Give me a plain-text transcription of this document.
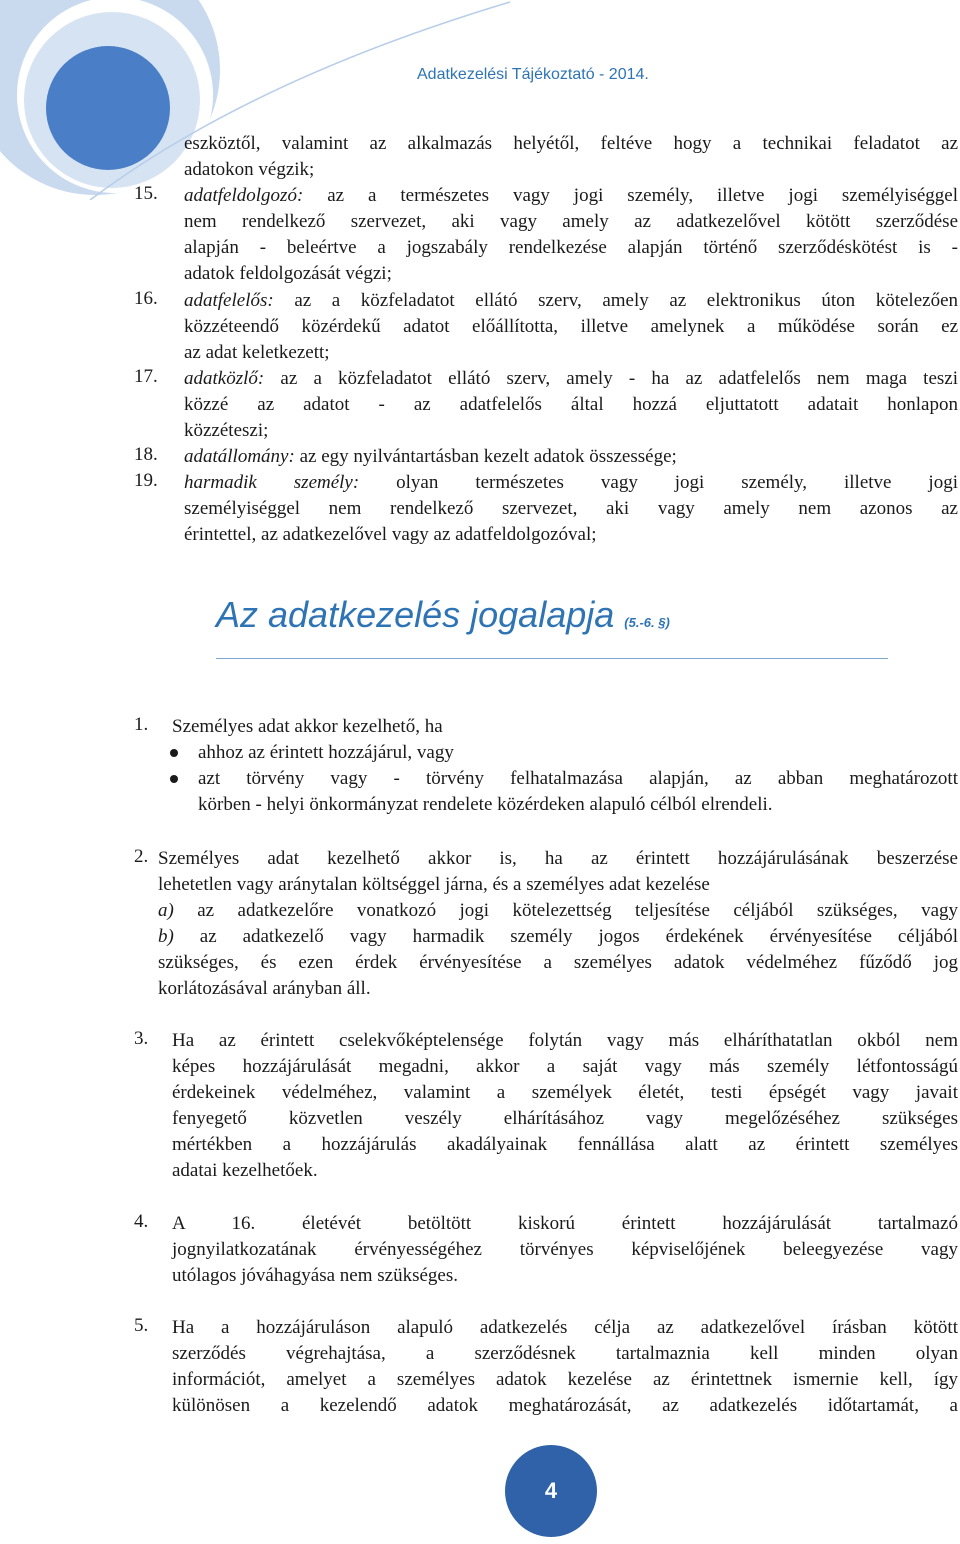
Adatkezelési Tájékoztató - 2014.
eszköztől, valamint az alkalmazás helyétől, feltéve hogy a technikai feladatot az
adatokon végzik;
15. adatfeldolgozó: az a természetes vagy jogi személy, illetve jogi személyiséggel
nem rendelkező szervezet, aki vagy amely az adatkezelővel kötött szerződése
alapján - beleértve a jogszabály rendelkezése alapján történő szerződéskötést is -
adatok feldolgozását végzi;
16. adatfelelős: az a közfeladatot ellátó szerv, amely az elektronikus úton kötelezően
közzéteendő közérdekű adatot előállította, illetve amelynek a működése során ez
az adat keletkezett;
17. adatközlő: az a közfeladatot ellátó szerv, amely - ha az adatfelelős nem maga teszi
közzé az adatot - az adatfelelős által hozzá eljuttatott adatait honlapon
közzéteszi;
18. adatállomány: az egy nyilvántartásban kezelt adatok összessége;
19. harmadik személy: olyan természetes vagy jogi személy, illetve jogi
személyiséggel nem rendelkező szervezet, aki vagy amely nem azonos az
érintettel, az adatkezelővel vagy az adatfeldolgozóval;
Az adatkezelés jogalapja (5.-6. §)
1. Személyes adat akkor kezelhető, ha
ahhoz az érintett hozzájárul, vagy
azt törvény vagy - törvény felhatalmazása alapján, az abban meghatározott
körben - helyi önkormányzat rendelete közérdeken alapuló célból elrendeli.
2. Személyes adat kezelhető akkor is, ha az érintett hozzájárulásának beszerzése
lehetetlen vagy aránytalan költséggel járna, és a személyes adat kezelése
a) az adatkezelőre vonatkozó jogi kötelezettség teljesítése céljából szükséges, vagy
b) az adatkezelő vagy harmadik személy jogos érdekének érvényesítése céljából
szükséges, és ezen érdek érvényesítése a személyes adatok védelméhez fűződő jog
korlátozásával arányban áll.
3. Ha az érintett cselekvőképtelensége folytán vagy más elháríthatatlan okból nem
képes hozzájárulását megadni, akkor a saját vagy más személy létfontosságú
érdekeinek védelméhez, valamint a személyek életét, testi épségét vagy javait
fenyegető közvetlen veszély elhárításához vagy megelőzéséhez szükséges
mértékben a hozzájárulás akadályainak fennállása alatt az érintett személyes
adatai kezelhetőek.
4. A 16. életévét betöltött kiskorú érintett hozzájárulását tartalmazó
jognyilatkozatának érvényességéhez törvényes képviselőjének beleegyezése vagy
utólagos jóváhagyása nem szükséges.
5. Ha a hozzájáruláson alapuló adatkezelés célja az adatkezelővel írásban kötött
szerződés végrehajtása, a szerződésnek tartalmaznia kell minden olyan
információt, amelyet a személyes adatok kezelése az érintettnek ismernie kell, így
különösen a kezelendő adatok meghatározását, az adatkezelés időtartamát, a
4
